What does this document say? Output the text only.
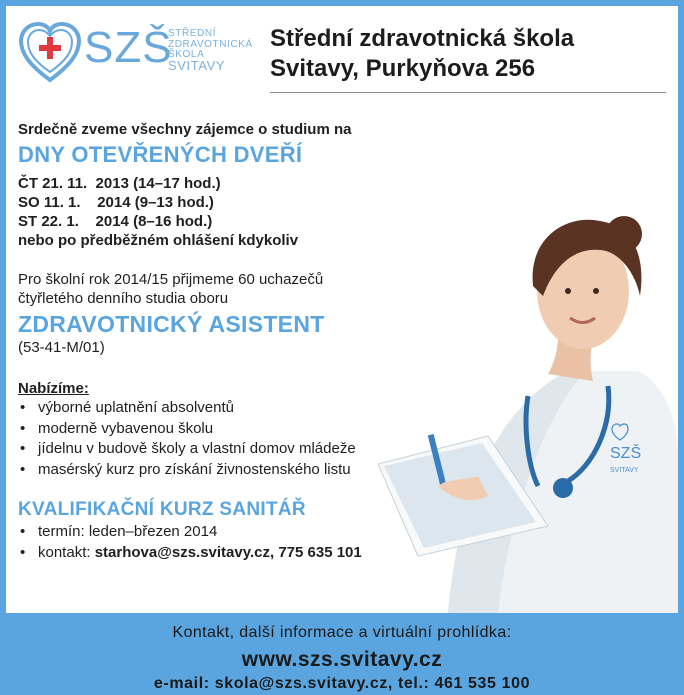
SZŠ
STŘEDNÍ
ZDRAVOTNICKÁ
ŠKOLA
SVITAVY
Střední zdravotnická škola
Svitavy, Purkyňova 256
SZŠ
SVITAVY
Srdečně zveme všechny zájemce o studium na
DNY OTEVŘENÝCH DVEŘÍ
ČT 21. 11.  2013 (14–17 hod.)
SO 11. 1.    2014 (9–13 hod.)
ST 22. 1.    2014 (8–16 hod.)
nebo po předběžném ohlášení kdykoliv
Pro školní rok 2014/15 přijmeme 60 uchazečů
čtyřletého denního studia oboru
ZDRAVOTNICKÝ ASISTENT
(53-41-M/01)
Nabízíme:
• výborné uplatnění absolventů
• moderně vybavenou školu
• jídelnu v budově školy a vlastní domov mládeže
• masérský kurz pro získání živnostenského listu
KVALIFIKAČNÍ KURZ SANITÁŘ
• termín: leden–březen 2014
• kontakt: starhova@szs.svitavy.cz, 775 635 101
Kontakt, další informace a virtuální prohlídka:
www.szs.svitavy.cz
e-mail: skola@szs.svitavy.cz, tel.: 461 535 100
